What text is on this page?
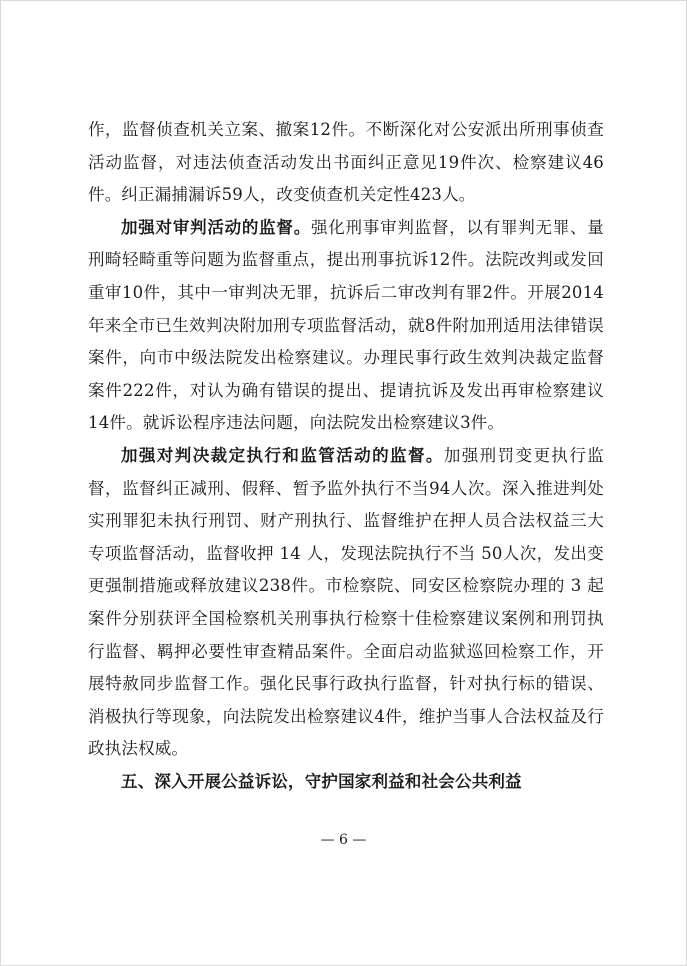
作，监督侦查机关立案、撤案12件。不断深化对公安派出所刑事侦查活动监督，对违法侦查活动发出书面纠正意见19件次、检察建议46件。纠正漏捕漏诉59人，改变侦查机关定性423人。

加强对审判活动的监督。强化刑事审判监督，以有罪判无罪、量刑畸轻畸重等问题为监督重点，提出刑事抗诉12件。法院改判或发回重审10件，其中一审判决无罪，抗诉后二审改判有罪2件。开展2014年来全市已生效判决附加刑专项监督活动，就8件附加刑适用法律错误案件，向市中级法院发出检察建议。办理民事行政生效判决裁定监督案件222件，对认为确有错误的提出、提请抗诉及发出再审检察建议14件。就诉讼程序违法问题，向法院发出检察建议3件。

加强对判决裁定执行和监管活动的监督。加强刑罚变更执行监督，监督纠正减刑、假释、暂予监外执行不当94人次。深入推进判处实刑罪犯未执行刑罚、财产刑执行、监督维护在押人员合法权益三大专项监督活动，监督收押 14 人，发现法院执行不当 50人次，发出变更强制措施或释放建议238件。市检察院、同安区检察院办理的 3 起案件分别获评全国检察机关刑事执行检察十佳检察建议案例和刑罚执行监督、羁押必要性审查精品案件。全面启动监狱巡回检察工作，开展特赦同步监督工作。强化民事行政执行监督，针对执行标的错误、消极执行等现象，向法院发出检察建议4件，维护当事人合法权益及行政执法权威。

五、深入开展公益诉讼，守护国家利益和社会公共利益

— 6 —
